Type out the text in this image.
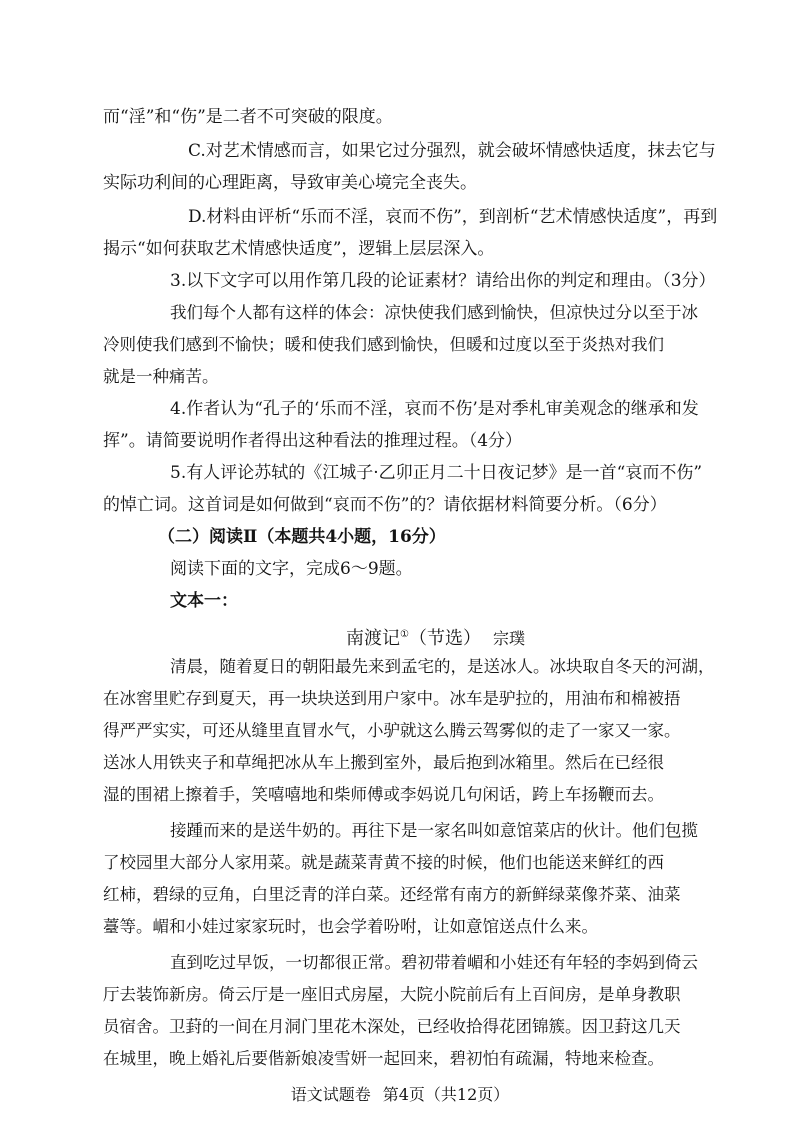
而“淫”和“伤”是二者不可突破的限度。
C.对艺术情感而言，如果它过分强烈，就会破坏情感快适度，抹去它与
实际功利间的心理距离，导致审美心境完全丧失。
D.材料由评析“乐而不淫，哀而不伤”，到剖析“艺术情感快适度”，再到
揭示“如何获取艺术情感快适度”，逻辑上层层深入。
3.以下文字可以用作第几段的论证素材？请给出你的判定和理由。（3分）
我们每个人都有这样的体会：凉快使我们感到愉快，但凉快过分以至于冰
冷则使我们感到不愉快；暖和使我们感到愉快，但暖和过度以至于炎热对我们
就是一种痛苦。
4.作者认为“孔子的‘乐而不淫，哀而不伤’是对季札审美观念的继承和发
挥”。请简要说明作者得出这种看法的推理过程。（4分）
5.有人评论苏轼的《江城子·乙卯正月二十日夜记梦》是一首“哀而不伤”
的悼亡词。这首词是如何做到“哀而不伤”的？请依据材料简要分析。（6分）
（二）阅读Ⅱ（本题共4小题，16分）
阅读下面的文字，完成6～9题。
文本一：
南渡记①（节选） 宗璞
清晨，随着夏日的朝阳最先来到孟宅的，是送冰人。冰块取自冬天的河湖，
在冰窖里贮存到夏天，再一块块送到用户家中。冰车是驴拉的，用油布和棉被捂
得严严实实，可还从缝里直冒水气，小驴就这么腾云驾雾似的走了一家又一家。
送冰人用铁夹子和草绳把冰从车上搬到室外，最后抱到冰箱里。然后在已经很
湿的围裙上擦着手，笑嘻嘻地和柴师傅或李妈说几句闲话，跨上车扬鞭而去。
接踵而来的是送牛奶的。再往下是一家名叫如意馆菜店的伙计。他们包揽
了校园里大部分人家用菜。就是蔬菜青黄不接的时候，他们也能送来鲜红的西
红柿，碧绿的豆角，白里泛青的洋白菜。还经常有南方的新鲜绿菜像芥菜、油菜
薹等。嵋和小娃过家家玩时，也会学着吩咐，让如意馆送点什么来。
直到吃过早饭，一切都很正常。碧初带着嵋和小娃还有年轻的李妈到倚云
厅去装饰新房。倚云厅是一座旧式房屋，大院小院前后有上百间房，是单身教职
员宿舍。卫葑的一间在月洞门里花木深处，已经收拾得花团锦簇。因卫葑这几天
在城里，晚上婚礼后要偕新娘凌雪妍一起回来，碧初怕有疏漏，特地来检查。
语文试题卷 第4页（共12页）
